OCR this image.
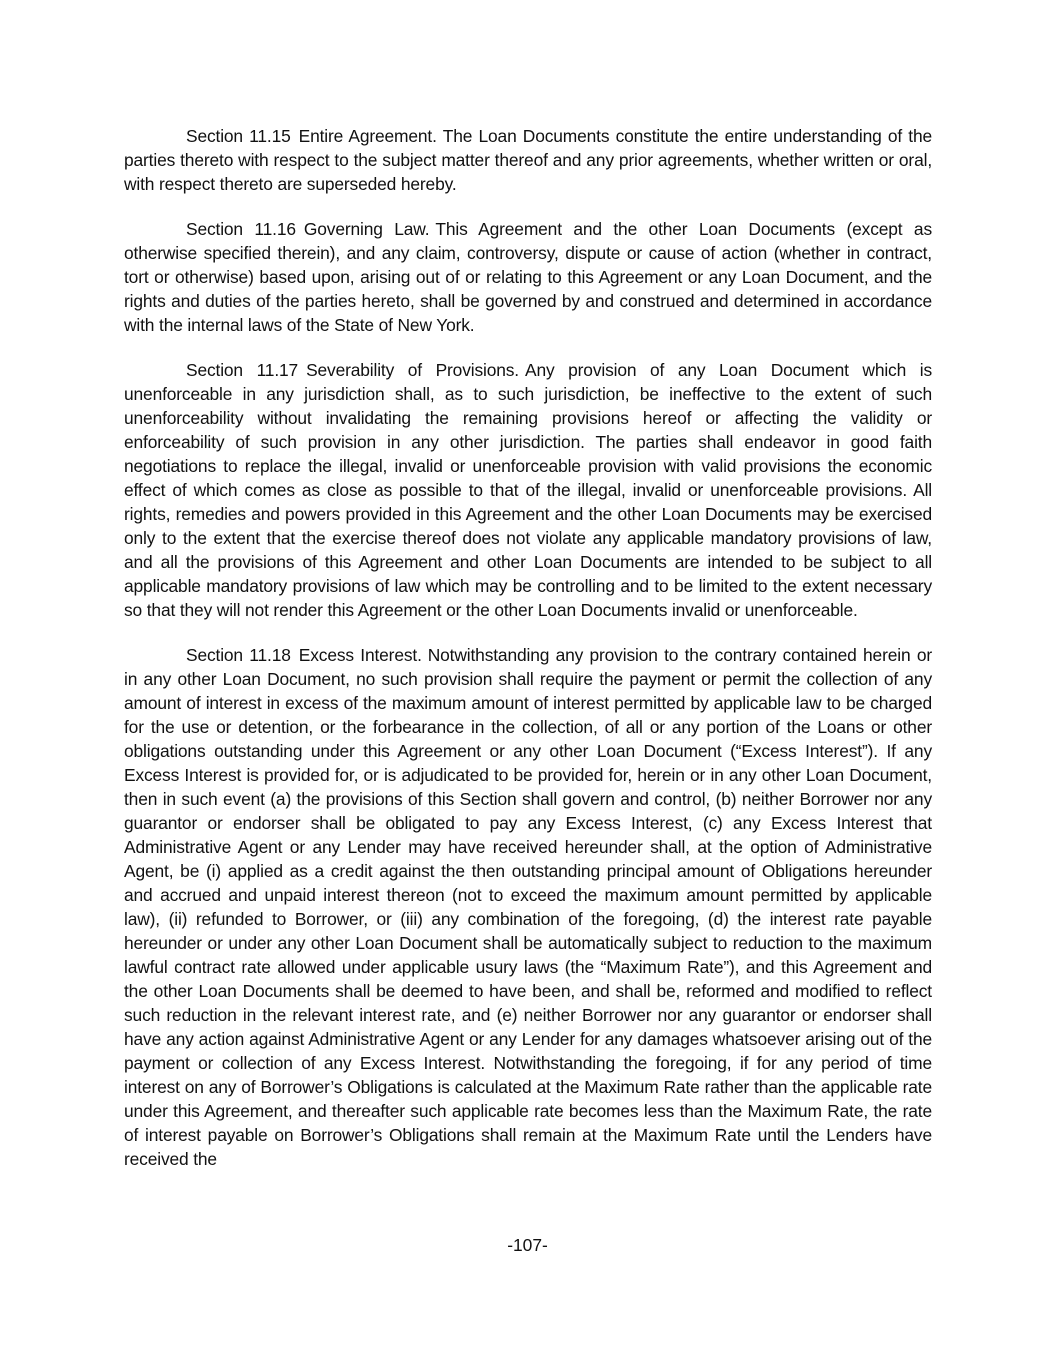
Section 11.15 Entire Agreement. The Loan Documents constitute the entire understanding of the parties thereto with respect to the subject matter thereof and any prior agreements, whether written or oral, with respect thereto are superseded hereby.

Section 11.16 Governing Law. This Agreement and the other Loan Documents (except as otherwise specified therein), and any claim, controversy, dispute or cause of action (whether in contract, tort or otherwise) based upon, arising out of or relating to this Agreement or any Loan Document, and the rights and duties of the parties hereto, shall be governed by and construed and determined in accordance with the internal laws of the State of New York.

Section 11.17 Severability of Provisions. Any provision of any Loan Document which is unenforceable in any jurisdiction shall, as to such jurisdiction, be ineffective to the extent of such unenforceability without invalidating the remaining provisions hereof or affecting the validity or enforceability of such provision in any other jurisdiction. The parties shall endeavor in good faith negotiations to replace the illegal, invalid or unenforceable provision with valid provisions the economic effect of which comes as close as possible to that of the illegal, invalid or unenforceable provisions. All rights, remedies and powers provided in this Agreement and the other Loan Documents may be exercised only to the extent that the exercise thereof does not violate any applicable mandatory provisions of law, and all the provisions of this Agreement and other Loan Documents are intended to be subject to all applicable mandatory provisions of law which may be controlling and to be limited to the extent necessary so that they will not render this Agreement or the other Loan Documents invalid or unenforceable.

Section 11.18 Excess Interest. Notwithstanding any provision to the contrary contained herein or in any other Loan Document, no such provision shall require the payment or permit the collection of any amount of interest in excess of the maximum amount of interest permitted by applicable law to be charged for the use or detention, or the forbearance in the collection, of all or any portion of the Loans or other obligations outstanding under this Agreement or any other Loan Document (“Excess Interest”). If any Excess Interest is provided for, or is adjudicated to be provided for, herein or in any other Loan Document, then in such event (a) the provisions of this Section shall govern and control, (b) neither Borrower nor any guarantor or endorser shall be obligated to pay any Excess Interest, (c) any Excess Interest that Administrative Agent or any Lender may have received hereunder shall, at the option of Administrative Agent, be (i) applied as a credit against the then outstanding principal amount of Obligations hereunder and accrued and unpaid interest thereon (not to exceed the maximum amount permitted by applicable law), (ii) refunded to Borrower, or (iii) any combination of the foregoing, (d) the interest rate payable hereunder or under any other Loan Document shall be automatically subject to reduction to the maximum lawful contract rate allowed under applicable usury laws (the “Maximum Rate”), and this Agreement and the other Loan Documents shall be deemed to have been, and shall be, reformed and modified to reflect such reduction in the relevant interest rate, and (e) neither Borrower nor any guarantor or endorser shall have any action against Administrative Agent or any Lender for any damages whatsoever arising out of the payment or collection of any Excess Interest. Notwithstanding the foregoing, if for any period of time interest on any of Borrower’s Obligations is calculated at the Maximum Rate rather than the applicable rate under this Agreement, and thereafter such applicable rate becomes less than the Maximum Rate, the rate of interest payable on Borrower’s Obligations shall remain at the Maximum Rate until the Lenders have received the

-107-
